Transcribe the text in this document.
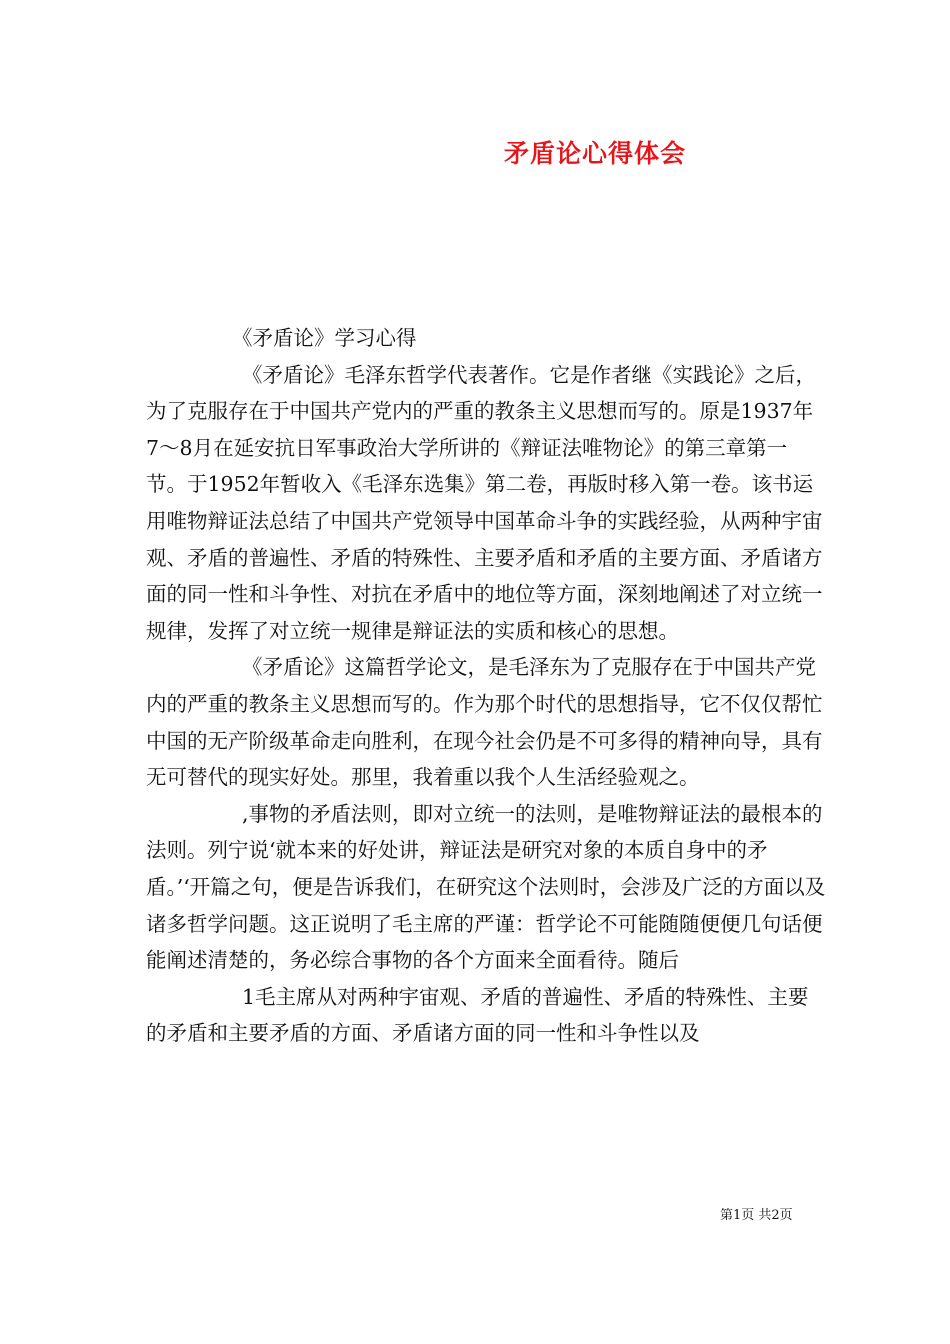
矛盾论心得体会

《矛盾论》学习心得

《矛盾论》毛泽东哲学代表著作。它是作者继《实践论》之后，为了克服存在于中国共产党内的严重的教条主义思想而写的。原是1937年7～8月在延安抗日军事政治大学所讲的《辩证法唯物论》的第三章第一节。于1952年暂收入《毛泽东选集》第二卷，再版时移入第一卷。该书运用唯物辩证法总结了中国共产党领导中国革命斗争的实践经验，从两种宇宙观、矛盾的普遍性、矛盾的特殊性、主要矛盾和矛盾的主要方面、矛盾诸方面的同一性和斗争性、对抗在矛盾中的地位等方面，深刻地阐述了对立统一规律，发挥了对立统一规律是辩证法的实质和核心的思想。

《矛盾论》这篇哲学论文，是毛泽东为了克服存在于中国共产党内的严重的教条主义思想而写的。作为那个时代的思想指导，它不仅仅帮忙中国的无产阶级革命走向胜利，在现今社会仍是不可多得的精神向导，具有无可替代的现实好处。那里，我着重以我个人生活经验观之。

,事物的矛盾法则，即对立统一的法则，是唯物辩证法的最根本的法则。列宁说‘就本来的好处讲，辩证法是研究对象的本质自身中的矛盾。’‘开篇之句，便是告诉我们，在研究这个法则时，会涉及广泛的方面以及诸多哲学问题。这正说明了毛主席的严谨：哲学论不可能随随便便几句话便能阐述清楚的，务必综合事物的各个方面来全面看待。随后

1毛主席从对两种宇宙观、矛盾的普遍性、矛盾的特殊性、主要的矛盾和主要矛盾的方面、矛盾诸方面的同一性和斗争性以及

第1页 共2页
